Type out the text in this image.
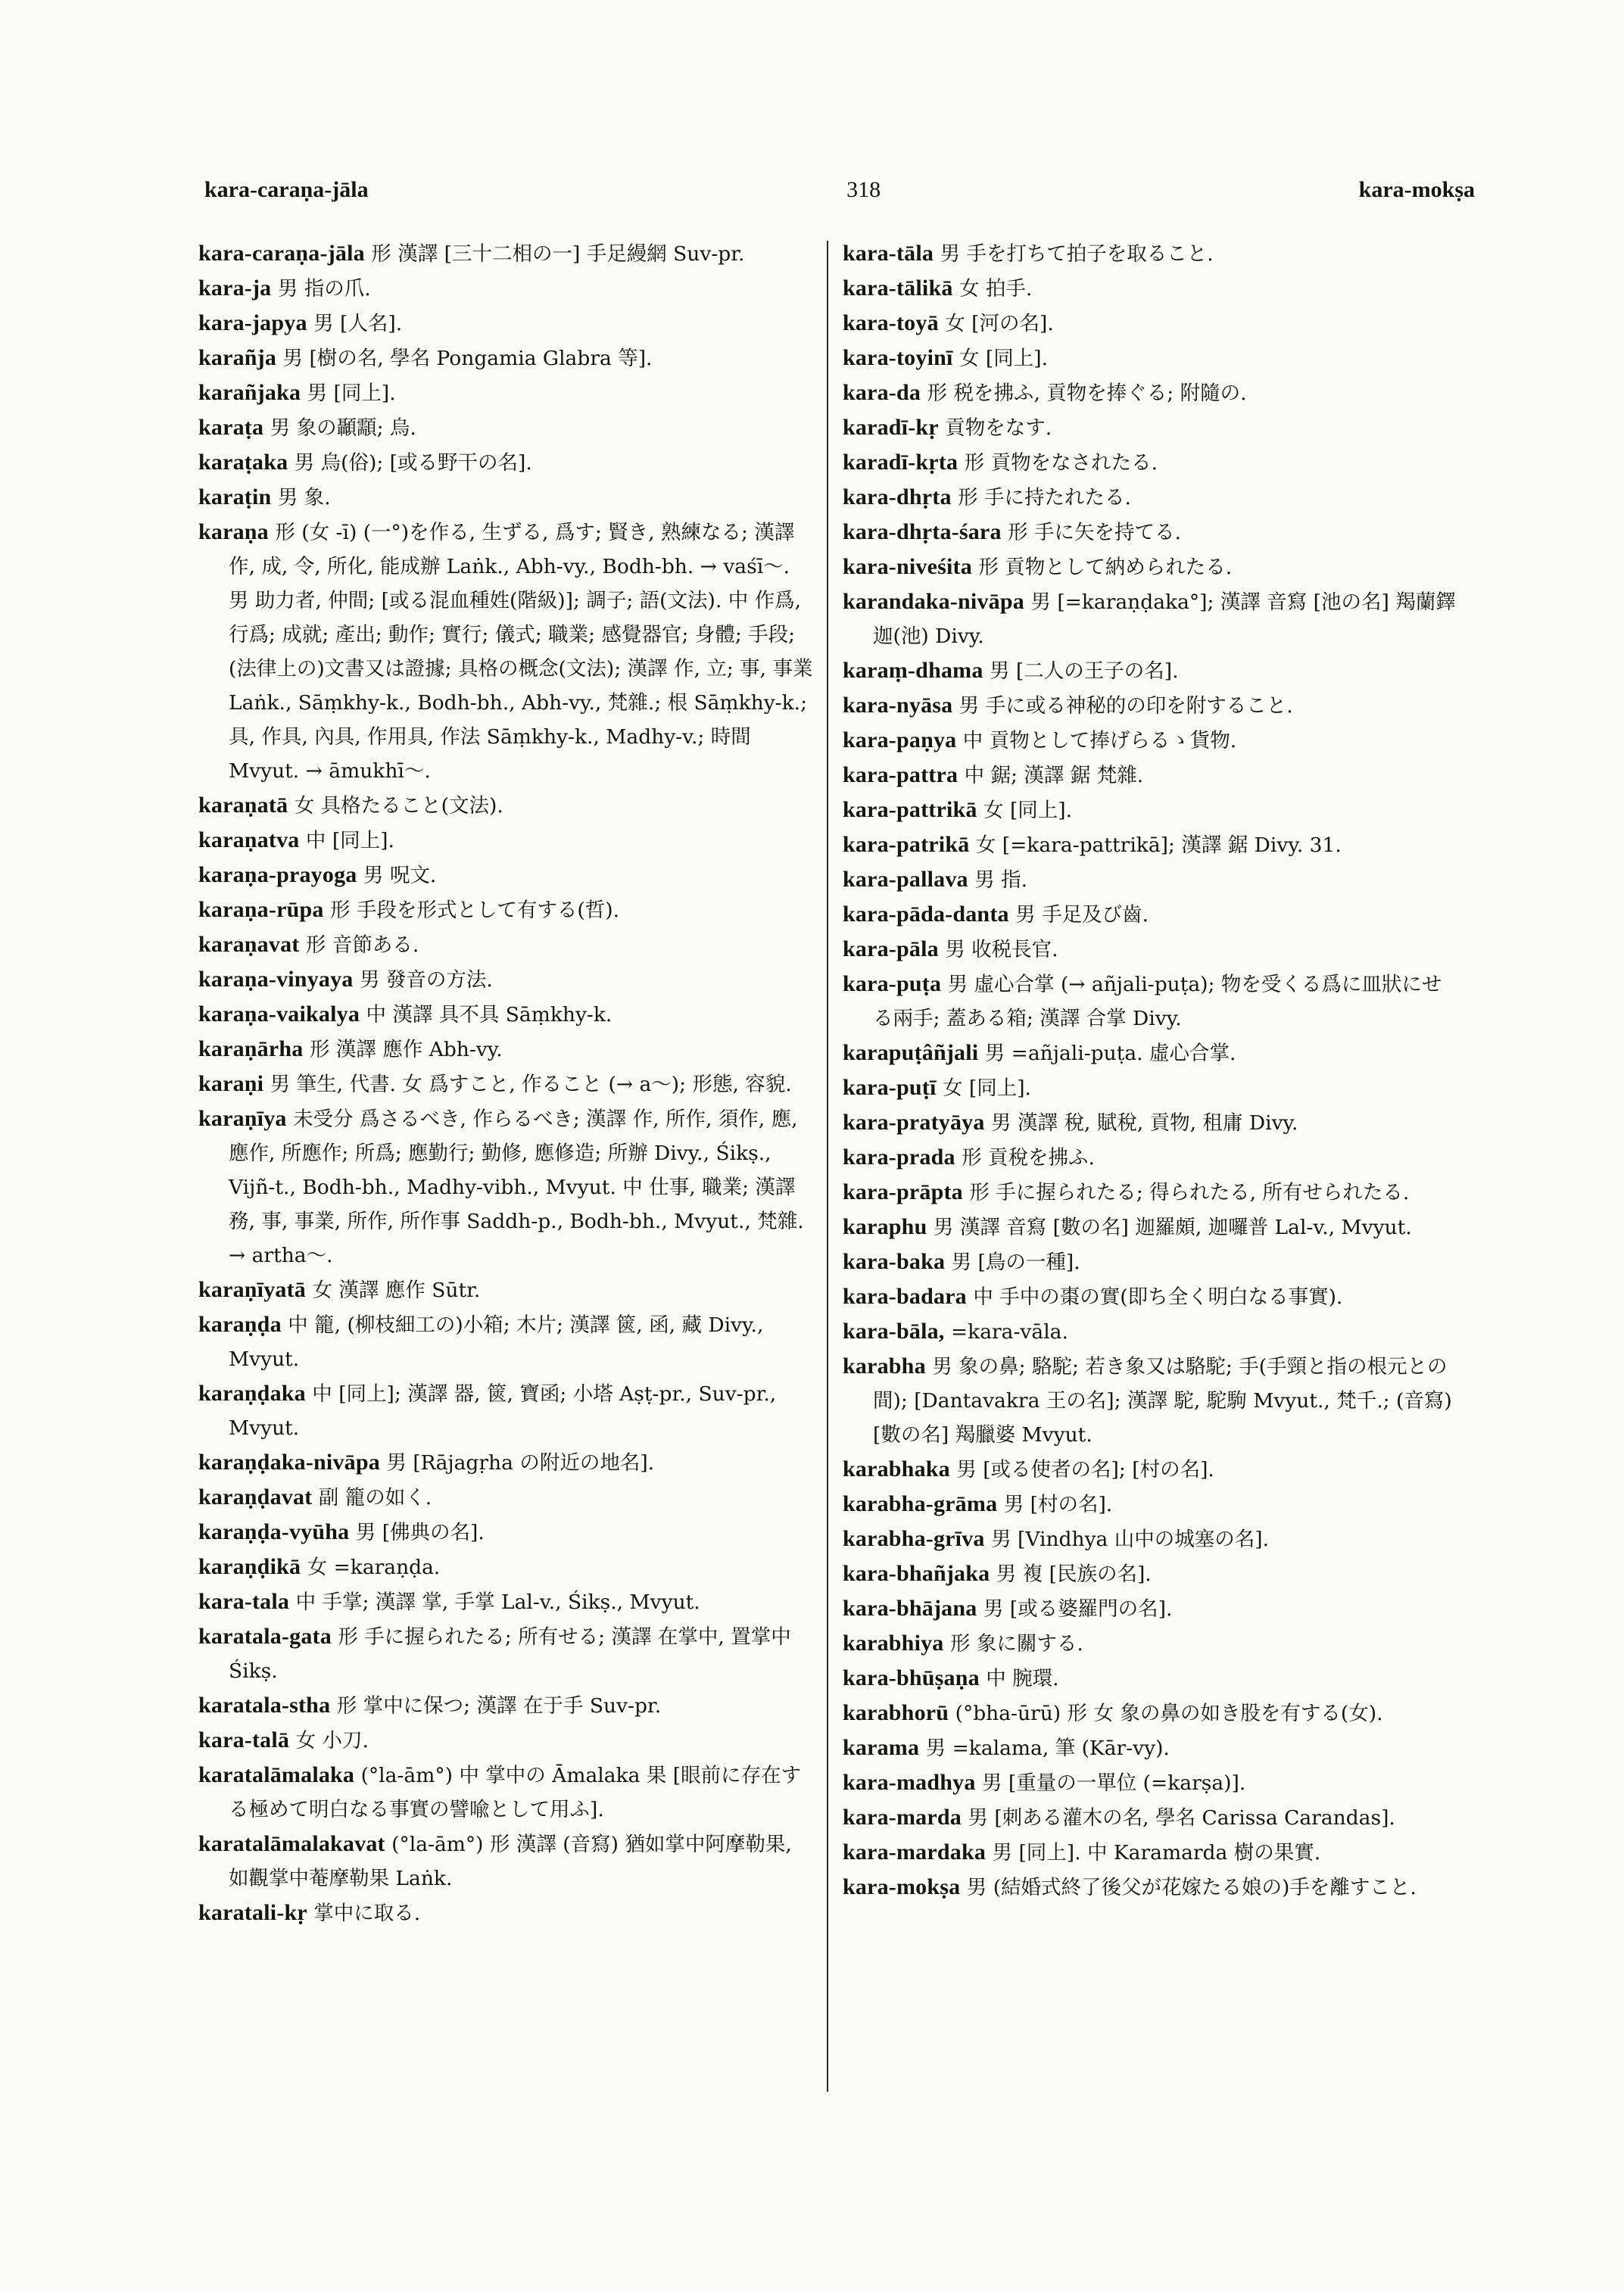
kara-caraṇa-jāla	318	kara-mokṣa

kara-caraṇa-jāla 形 漢譯 [三十二相の一] 手足縵網 Suv-pr.

kara-ja 男 指の爪.

kara-japya 男 [人名].

karañja 男 [樹の名, 學名 Pongamia Glabra 等].

karañjaka 男 [同上].

karaṭa 男 象の顳顬; 烏.

karaṭaka 男 烏(俗); [或る野干の名].

karaṭin 男 象.

karaṇa 形 (女 -ī) (一°)を作る, 生ずる, 爲す; 賢き, 熟練なる; 漢譯 作, 成, 令, 所化, 能成辦 Laṅk., Abh-vy., Bodh-bh. → vaśī〜. 男 助力者, 仲間; [或る混血種姓(階級)]; 調子; 語(文法). 中 作爲, 行爲; 成就; 產出; 動作; 實行; 儀式; 職業; 感覺器官; 身體; 手段; (法律上の)文書又は證據; 具格の概念(文法); 漢譯 作, 立; 事, 事業 Laṅk., Sāṃkhy-k., Bodh-bh., Abh-vy., 梵雜.; 根 Sāṃkhy-k.; 具, 作具, 內具, 作用具, 作法 Sāṃkhy-k., Madhy-v.; 時間 Mvyut. → āmukhī〜.

karaṇatā 女 具格たること(文法).

karaṇatva 中 [同上].

karaṇa-prayoga 男 呪文.

karaṇa-rūpa 形 手段を形式として有する(哲).

karaṇavat 形 音節ある.

karaṇa-vinyaya 男 發音の方法.

karaṇa-vaikalya 中 漢譯 具不具 Sāṃkhy-k.

karaṇārha 形 漢譯 應作 Abh-vy.

karaṇi 男 筆生, 代書. 女 爲すこと, 作ること (→ a〜); 形態, 容貌.

karaṇīya 未受分 爲さるべき, 作らるべき; 漢譯 作, 所作, 須作, 應, 應作, 所應作; 所爲; 應勤行; 勤修, 應修造; 所辦 Divy., Śikṣ., Vijñ-t., Bodh-bh., Madhy-vibh., Mvyut. 中 仕事, 職業; 漢譯 務, 事, 事業, 所作, 所作事 Saddh-p., Bodh-bh., Mvyut., 梵雜. → artha〜.

karaṇīyatā 女 漢譯 應作 Sūtr.

karaṇḍa 中 籠, (柳枝細工の)小箱; 木片; 漢譯 篋, 函, 藏 Divy., Mvyut.

karaṇḍaka 中 [同上]; 漢譯 器, 篋, 寶函; 小塔 Aṣṭ-pr., Suv-pr., Mvyut.

karaṇḍaka-nivāpa 男 [Rājagṛha の附近の地名].

karaṇḍavat 副 籠の如く.

karaṇḍa-vyūha 男 [佛典の名].

karaṇḍikā 女 =karaṇḍa.

kara-tala 中 手掌; 漢譯 掌, 手掌 Lal-v., Śikṣ., Mvyut.

karatala-gata 形 手に握られたる; 所有せる; 漢譯 在掌中, 置掌中 Śikṣ.

karatala-stha 形 掌中に保つ; 漢譯 在于手 Suv-pr.

kara-talā 女 小刀.

karatalāmalaka (°la-ām°) 中 掌中の Āmalaka 果 [眼前に存在する極めて明白なる事實の譬喩として用ふ].

karatalāmalakavat (°la-ām°) 形 漢譯 (音寫) 猶如掌中阿摩勒果, 如觀掌中菴摩勒果 Laṅk.

karatali-kṛ 掌中に取る.

kara-tāla 男 手を打ちて拍子を取ること.

kara-tālikā 女 拍手.

kara-toyā 女 [河の名].

kara-toyinī 女 [同上].

kara-da 形 税を拂ふ, 貢物を捧ぐる; 附隨の.

karadī-kṛ 貢物をなす.

karadī-kṛta 形 貢物をなされたる.

kara-dhṛta 形 手に持たれたる.

kara-dhṛta-śara 形 手に矢を持てる.

kara-niveśita 形 貢物として納められたる.

karandaka-nivāpa 男 [=karaṇḍaka°]; 漢譯 音寫 [池の名] 羯蘭鐸迦(池) Divy.

karaṃ-dhama 男 [二人の王子の名].

kara-nyāsa 男 手に或る神秘的の印を附すること.

kara-paṇya 中 貢物として捧げらるゝ貨物.

kara-pattra 中 鋸; 漢譯 鋸 梵雜.

kara-pattrikā 女 [同上].

kara-patrikā 女 [=kara-pattrikā]; 漢譯 鋸 Divy. 31.

kara-pallava 男 指.

kara-pāda-danta 男 手足及び齒.

kara-pāla 男 收税長官.

kara-puṭa 男 虛心合掌 (→ añjali-puṭa); 物を受くる爲に皿狀にせる兩手; 蓋ある箱; 漢譯 合掌 Divy.

karapuṭâñjali 男 =añjali-puṭa. 虛心合掌.

kara-puṭī 女 [同上].

kara-pratyāya 男 漢譯 稅, 賦稅, 貢物, 租庸 Divy.

kara-prada 形 貢稅を拂ふ.

kara-prāpta 形 手に握られたる; 得られたる, 所有せられたる.

karaphu 男 漢譯 音寫 [數の名] 迦羅頗, 迦囉普 Lal-v., Mvyut.

kara-baka 男 [鳥の一種].

kara-badara 中 手中の棗の實(即ち全く明白なる事實).

kara-bāla, =kara-vāla.

karabha 男 象の鼻; 駱駝; 若き象又は駱駝; 手(手頸と指の根元との間); [Dantavakra 王の名]; 漢譯 駝, 駝駒 Mvyut., 梵千.; (音寫) [數の名] 羯臘婆 Mvyut.

karabhaka 男 [或る使者の名]; [村の名].

karabha-grāma 男 [村の名].

karabha-grīva 男 [Vindhya 山中の城塞の名].

kara-bhañjaka 男 複 [民族の名].

kara-bhājana 男 [或る婆羅門の名].

karabhiya 形 象に關する.

kara-bhūṣaṇa 中 腕環.

karabhorū (°bha-ūrū) 形 女 象の鼻の如き股を有する(女).

karama 男 =kalama, 筆 (Kār-vy).

kara-madhya 男 [重量の一單位 (=karṣa)].

kara-marda 男 [刺ある灌木の名, 學名 Carissa Carandas].

kara-mardaka 男 [同上]. 中 Karamarda 樹の果實.

kara-mokṣa 男 (結婚式終了後父が花嫁たる娘の)手を離すこと.
